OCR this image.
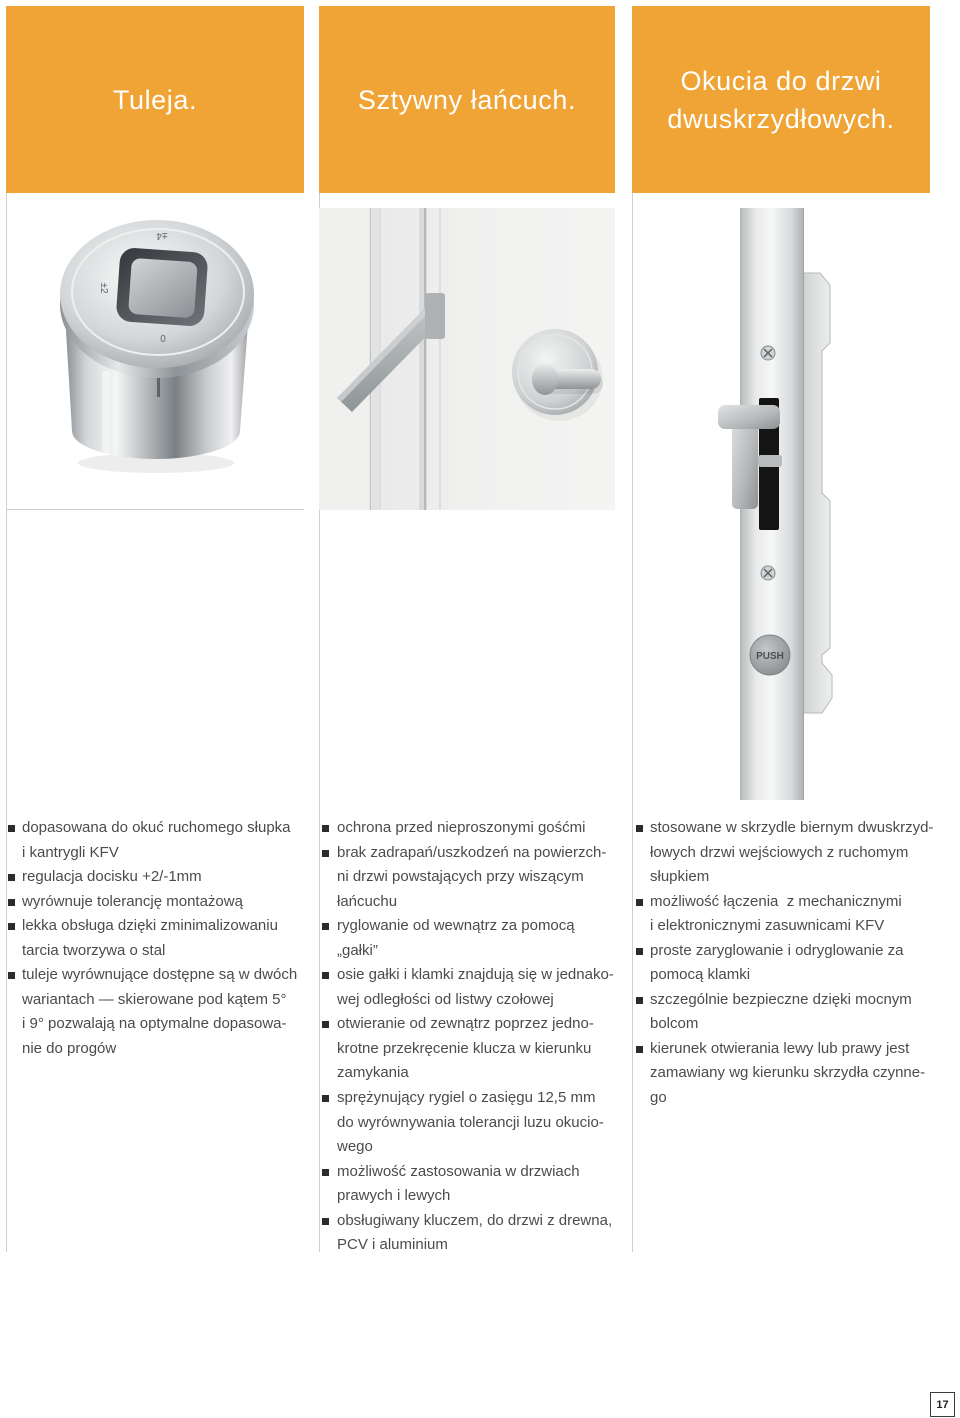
Tuleja.	Sztywny łańcuch.
Okucia do drzwi
dwuskrzydłowych.
±4
±2
0
PUSH
dopasowana do okuć ruchomego słupka
i kantrygli KFV
regulacja docisku +2/-1mm
wyrównuje tolerancję montażową
lekka obsługa dzięki zminimalizowaniu
tarcia tworzywa o stal
tuleje wyrównujące dostępne są w dwóch
wariantach — skierowane pod kątem 5°
i 9° pozwalają na optymalne dopasowa-
nie do progów
ochrona przed nieproszonymi gośćmi
brak zadrapań/uszkodzeń na powierzch-
ni drzwi powstających przy wiszącym
łańcuchu
ryglowanie od wewnątrz za pomocą
„gałki”
osie gałki i klamki znajdują się w jednako-
wej odległości od listwy czołowej
otwieranie od zewnątrz poprzez jedno-
krotne przekręcenie klucza w kierunku
zamykania
sprężynujący rygiel o zasięgu 12,5 mm
do wyrównywania tolerancji luzu okucio-
wego
możliwość zastosowania w drzwiach
prawych i lewych
obsługiwany kluczem, do drzwi z drewna,
PCV i aluminium
stosowane w skrzydle biernym dwuskrzyd-
łowych drzwi wejściowych z ruchomym
słupkiem
możliwość łączenia  z mechanicznymi
i elektronicznymi zasuwnicami KFV
proste zaryglowanie i odryglowanie za
pomocą klamki
szczególnie bezpieczne dzięki mocnym
bolcom
kierunek otwierania lewy lub prawy jest
zamawiany wg kierunku skrzydła czynne-
go
17
